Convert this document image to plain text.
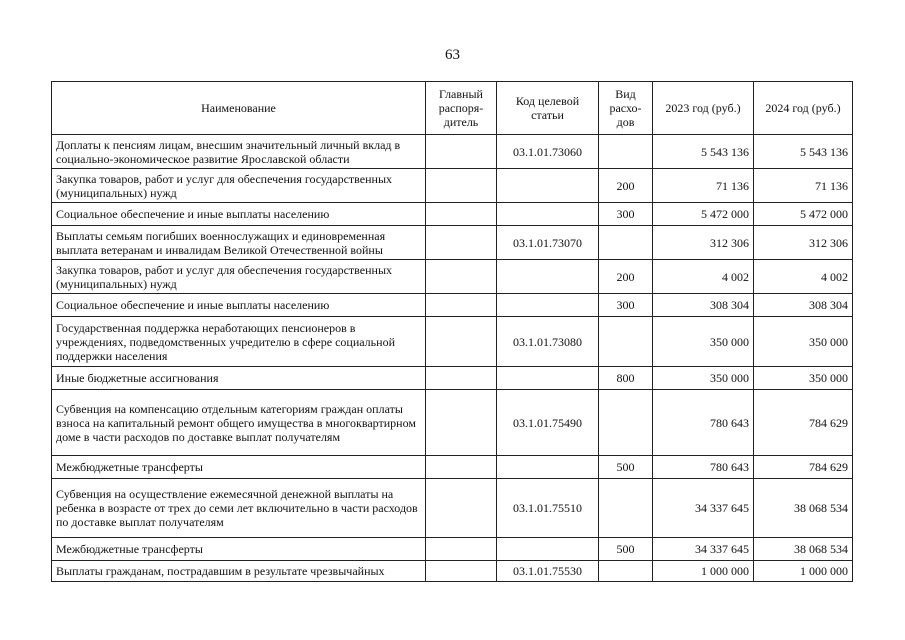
63
Наименование	Главный распоря-дитель	Код целевой статьи	Вид расхо-дов	2023 год (руб.)	2024 год (руб.)
Доплаты к пенсиям лицам, внесшим значительный личный вклад в социально-экономическое развитие Ярославской области		03.1.01.73060		5 543 136	5 543 136
Закупка товаров, работ и услуг для обеспечения государственных (муниципальных) нужд			200	71 136	71 136
Социальное обеспечение и иные выплаты населению			300	5 472 000	5 472 000
Выплаты семьям погибших военнослужащих и единовременная выплата ветеранам и инвалидам Великой Отечественной войны		03.1.01.73070		312 306	312 306
Закупка товаров, работ и услуг для обеспечения государственных (муниципальных) нужд			200	4 002	4 002
Социальное обеспечение и иные выплаты населению			300	308 304	308 304
Государственная поддержка неработающих пенсионеров в учреждениях, подведомственных учредителю в сфере социальной поддержки населения		03.1.01.73080		350 000	350 000
Иные бюджетные ассигнования			800	350 000	350 000
Субвенция на компенсацию отдельным категориям граждан оплаты взноса на капитальный ремонт общего имущества в многоквартирном доме в части расходов по доставке выплат получателям		03.1.01.75490		780 643	784 629
Межбюджетные трансферты			500	780 643	784 629
Субвенция на осуществление ежемесячной денежной выплаты на ребенка в возрасте от трех до семи лет включительно в части расходов по доставке выплат получателям		03.1.01.75510		34 337 645	38 068 534
Межбюджетные трансферты			500	34 337 645	38 068 534
Выплаты гражданам, пострадавшим в результате чрезвычайных		03.1.01.75530		1 000 000	1 000 000
